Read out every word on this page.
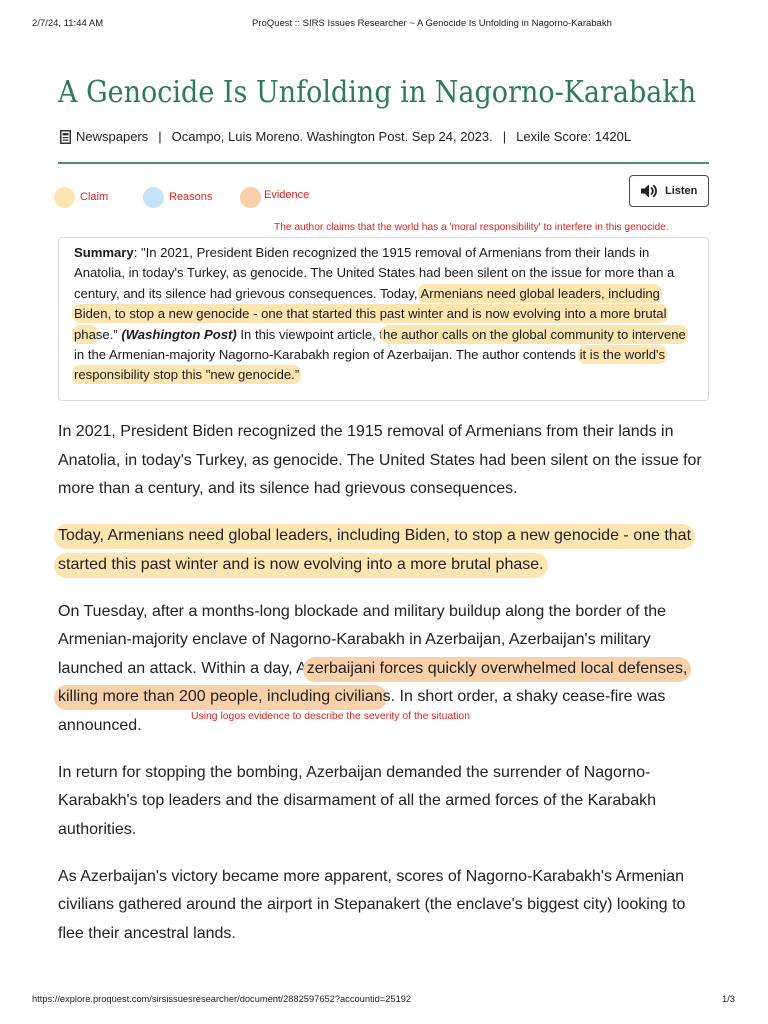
2/7/24, 11:44 AM	ProQuest :: SIRS Issues Researcher ~ A Genocide Is Unfolding in Nagorno-Karabakh
A Genocide Is Unfolding in Nagorno-Karabakh
Newspapers | Ocampo, Luis Moreno. Washington Post. Sep 24, 2023. | Lexile Score: 1420L
Claim	Reasons	Evidence	Listen
The author claims that the world has a 'moral responsibility' to interfere in this genocide.

Summary: "In 2021, President Biden recognized the 1915 removal of Armenians from their lands in Anatolia, in today's Turkey, as genocide. The United States had been silent on the issue for more than a century, and its silence had grievous consequences. Today, Armenians need global leaders, including Biden, to stop a new genocide - one that started this past winter and is now evolving into a more brutal phase.” (Washington Post) In this viewpoint article, the author calls on the global community to intervene in the Armenian-majority Nagorno-Karabakh region of Azerbaijan. The author contends it is the world's responsibility stop this "new genocide.”

In 2021, President Biden recognized the 1915 removal of Armenians from their lands in Anatolia, in today's Turkey, as genocide. The United States had been silent on the issue for more than a century, and its silence had grievous consequences.

Today, Armenians need global leaders, including Biden, to stop a new genocide - one that started this past winter and is now evolving into a more brutal phase.

On Tuesday, after a months-long blockade and military buildup along the border of the Armenian-majority enclave of Nagorno-Karabakh in Azerbaijan, Azerbaijan's military launched an attack. Within a day, Azerbaijani forces quickly overwhelmed local defenses, killing more than 200 people, including civilians. In short order, a shaky cease-fire was announced.	Using logos evidence to describe the severity of the situation

In return for stopping the bombing, Azerbaijan demanded the surrender of Nagorno-Karabakh's top leaders and the disarmament of all the armed forces of the Karabakh authorities.

As Azerbaijan's victory became more apparent, scores of Nagorno-Karabakh's Armenian civilians gathered around the airport in Stepanakert (the enclave's biggest city) looking to flee their ancestral lands.

https://explore.proquest.com/sirsissuesresearcher/document/2882597652?accountid=25192	1/3
